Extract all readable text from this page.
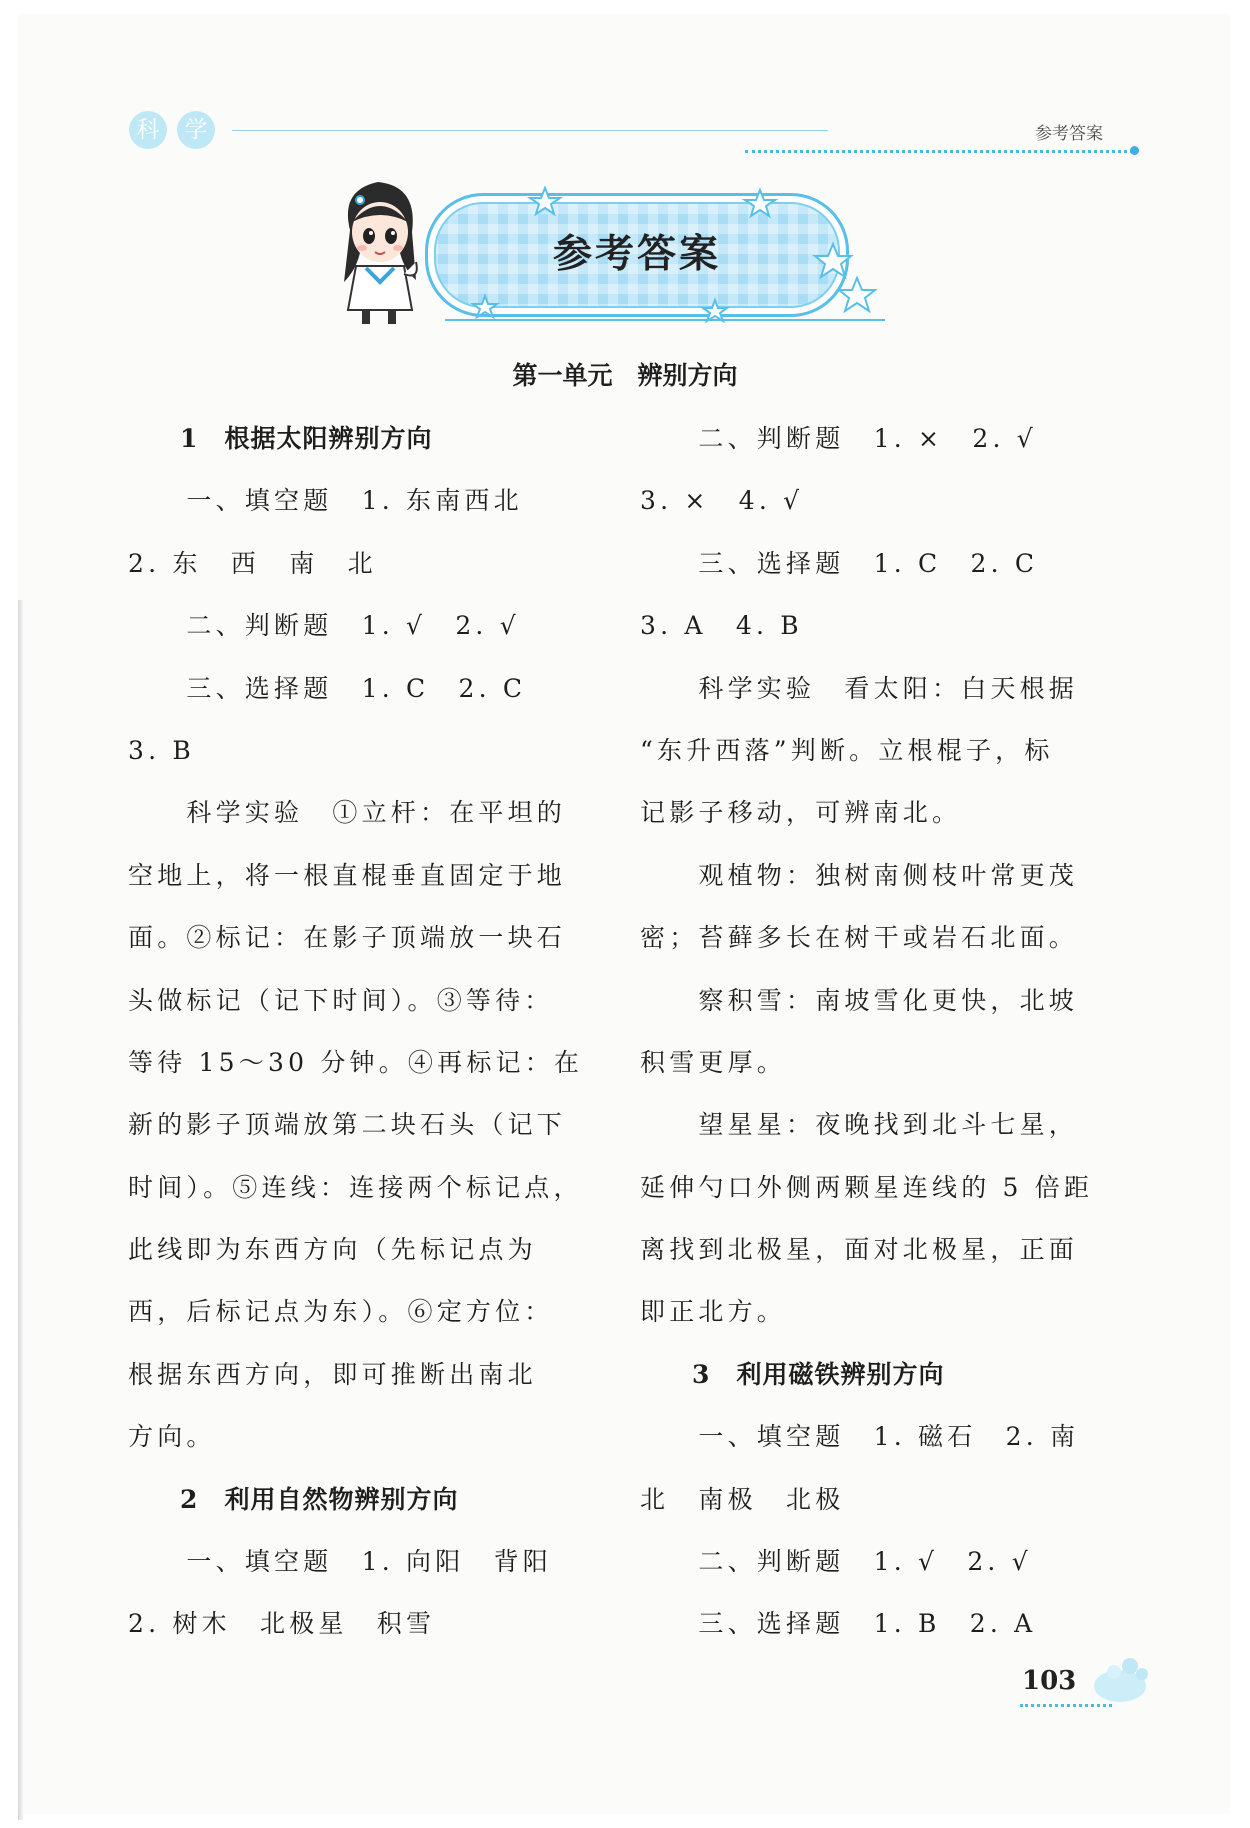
科	学	参考答案
参考答案
第一单元　辨别方向
　　1　 根据太阳辨别方向
　　一、填空题　1. 东南西北
2. 东　西　南　北
　　二、判断题　1. √　2. √
　　三、选择题　1. C　2. C
3. B
　　科学实验　①立杆：在平坦的
空地上，将一根直棍垂直固定于地
面。②标记：在影子顶端放一块石
头做标记（记下时间）。③等待：
等待 15～30 分钟。④再标记：在
新的影子顶端放第二块石头（记下
时间）。⑤连线：连接两个标记点，
此线即为东西方向（先标记点为
西，后标记点为东）。⑥定方位：
根据东西方向，即可推断出南北
方向。
　　2　 利用自然物辨别方向
　　一、填空题　1. 向阳　背阳
2. 树木　北极星　积雪
　　二、判断题　1. ×　2. √
3. ×　4. √
　　三、选择题　1. C　2. C
3. A　4. B
　　科学实验　看太阳：白天根据
“东升西落”判断。立根棍子，标
记影子移动，可辨南北。
　　观植物：独树南侧枝叶常更茂
密；苔藓多长在树干或岩石北面。
　　察积雪：南坡雪化更快，北坡
积雪更厚。
　　望星星：夜晚找到北斗七星，
延伸勺口外侧两颗星连线的 5 倍距
离找到北极星，面对北极星，正面
即正北方。
　　3　 利用磁铁辨别方向
　　一、填空题　1. 磁石　2. 南
北　南极　北极
　　二、判断题　1. √　2. √
　　三、选择题　1. B　2. A
103
